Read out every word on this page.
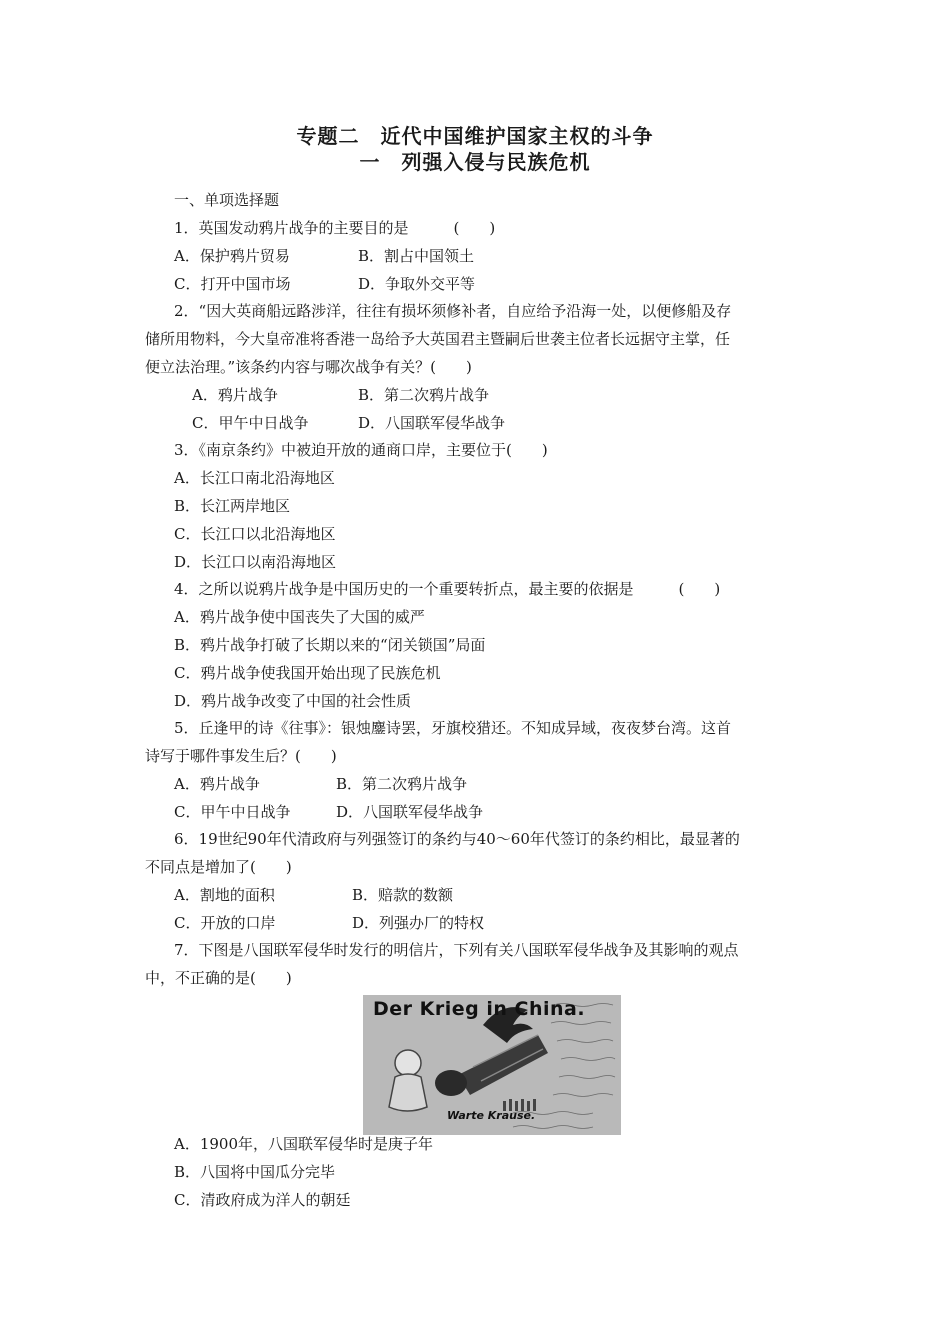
专题二　近代中国维护国家主权的斗争
一　列强入侵与民族危机
一、单项选择题
1．英国发动鸦片战争的主要目的是　　　(　　)
A．保护鸦片贸易	B．割占中国领土
C．打开中国市场	D．争取外交平等
2．“因大英商船远路涉洋，往往有损坏须修补者，自应给予沿海一处，以便修船及存
储所用物料，今大皇帝准将香港一岛给予大英国君主暨嗣后世袭主位者长远据守主掌，任
便立法治理。”该条约内容与哪次战争有关？(　　)
A．鸦片战争	B．第二次鸦片战争
C．甲午中日战争	D．八国联军侵华战争
3．《南京条约》中被迫开放的通商口岸，主要位于(　　)
A．长江口南北沿海地区
B．长江两岸地区
C．长江口以北沿海地区
D．长江口以南沿海地区
4．之所以说鸦片战争是中国历史的一个重要转折点，最主要的依据是　　　(　　)
A．鸦片战争使中国丧失了大国的威严
B．鸦片战争打破了长期以来的“闭关锁国”局面
C．鸦片战争使我国开始出现了民族危机
D．鸦片战争改变了中国的社会性质
5．丘逢甲的诗《往事》：银烛鏖诗罢，牙旗校猎还。不知成异域，夜夜梦台湾。这首
诗写于哪件事发生后？(　　)
A．鸦片战争	B．第二次鸦片战争
C．甲午中日战争	D．八国联军侵华战争
6．19世纪90年代清政府与列强签订的条约与40～60年代签订的条约相比，最显著的
不同点是增加了(　　)
A．割地的面积	B．赔款的数额
C．开放的口岸	D．列强办厂的特权
7．下图是八国联军侵华时发行的明信片，下列有关八国联军侵华战争及其影响的观点
中，不正确的是(　　)
Der Krieg in China.
Warte Krause.
A．1900年，八国联军侵华时是庚子年
B．八国将中国瓜分完毕
C．清政府成为洋人的朝廷
